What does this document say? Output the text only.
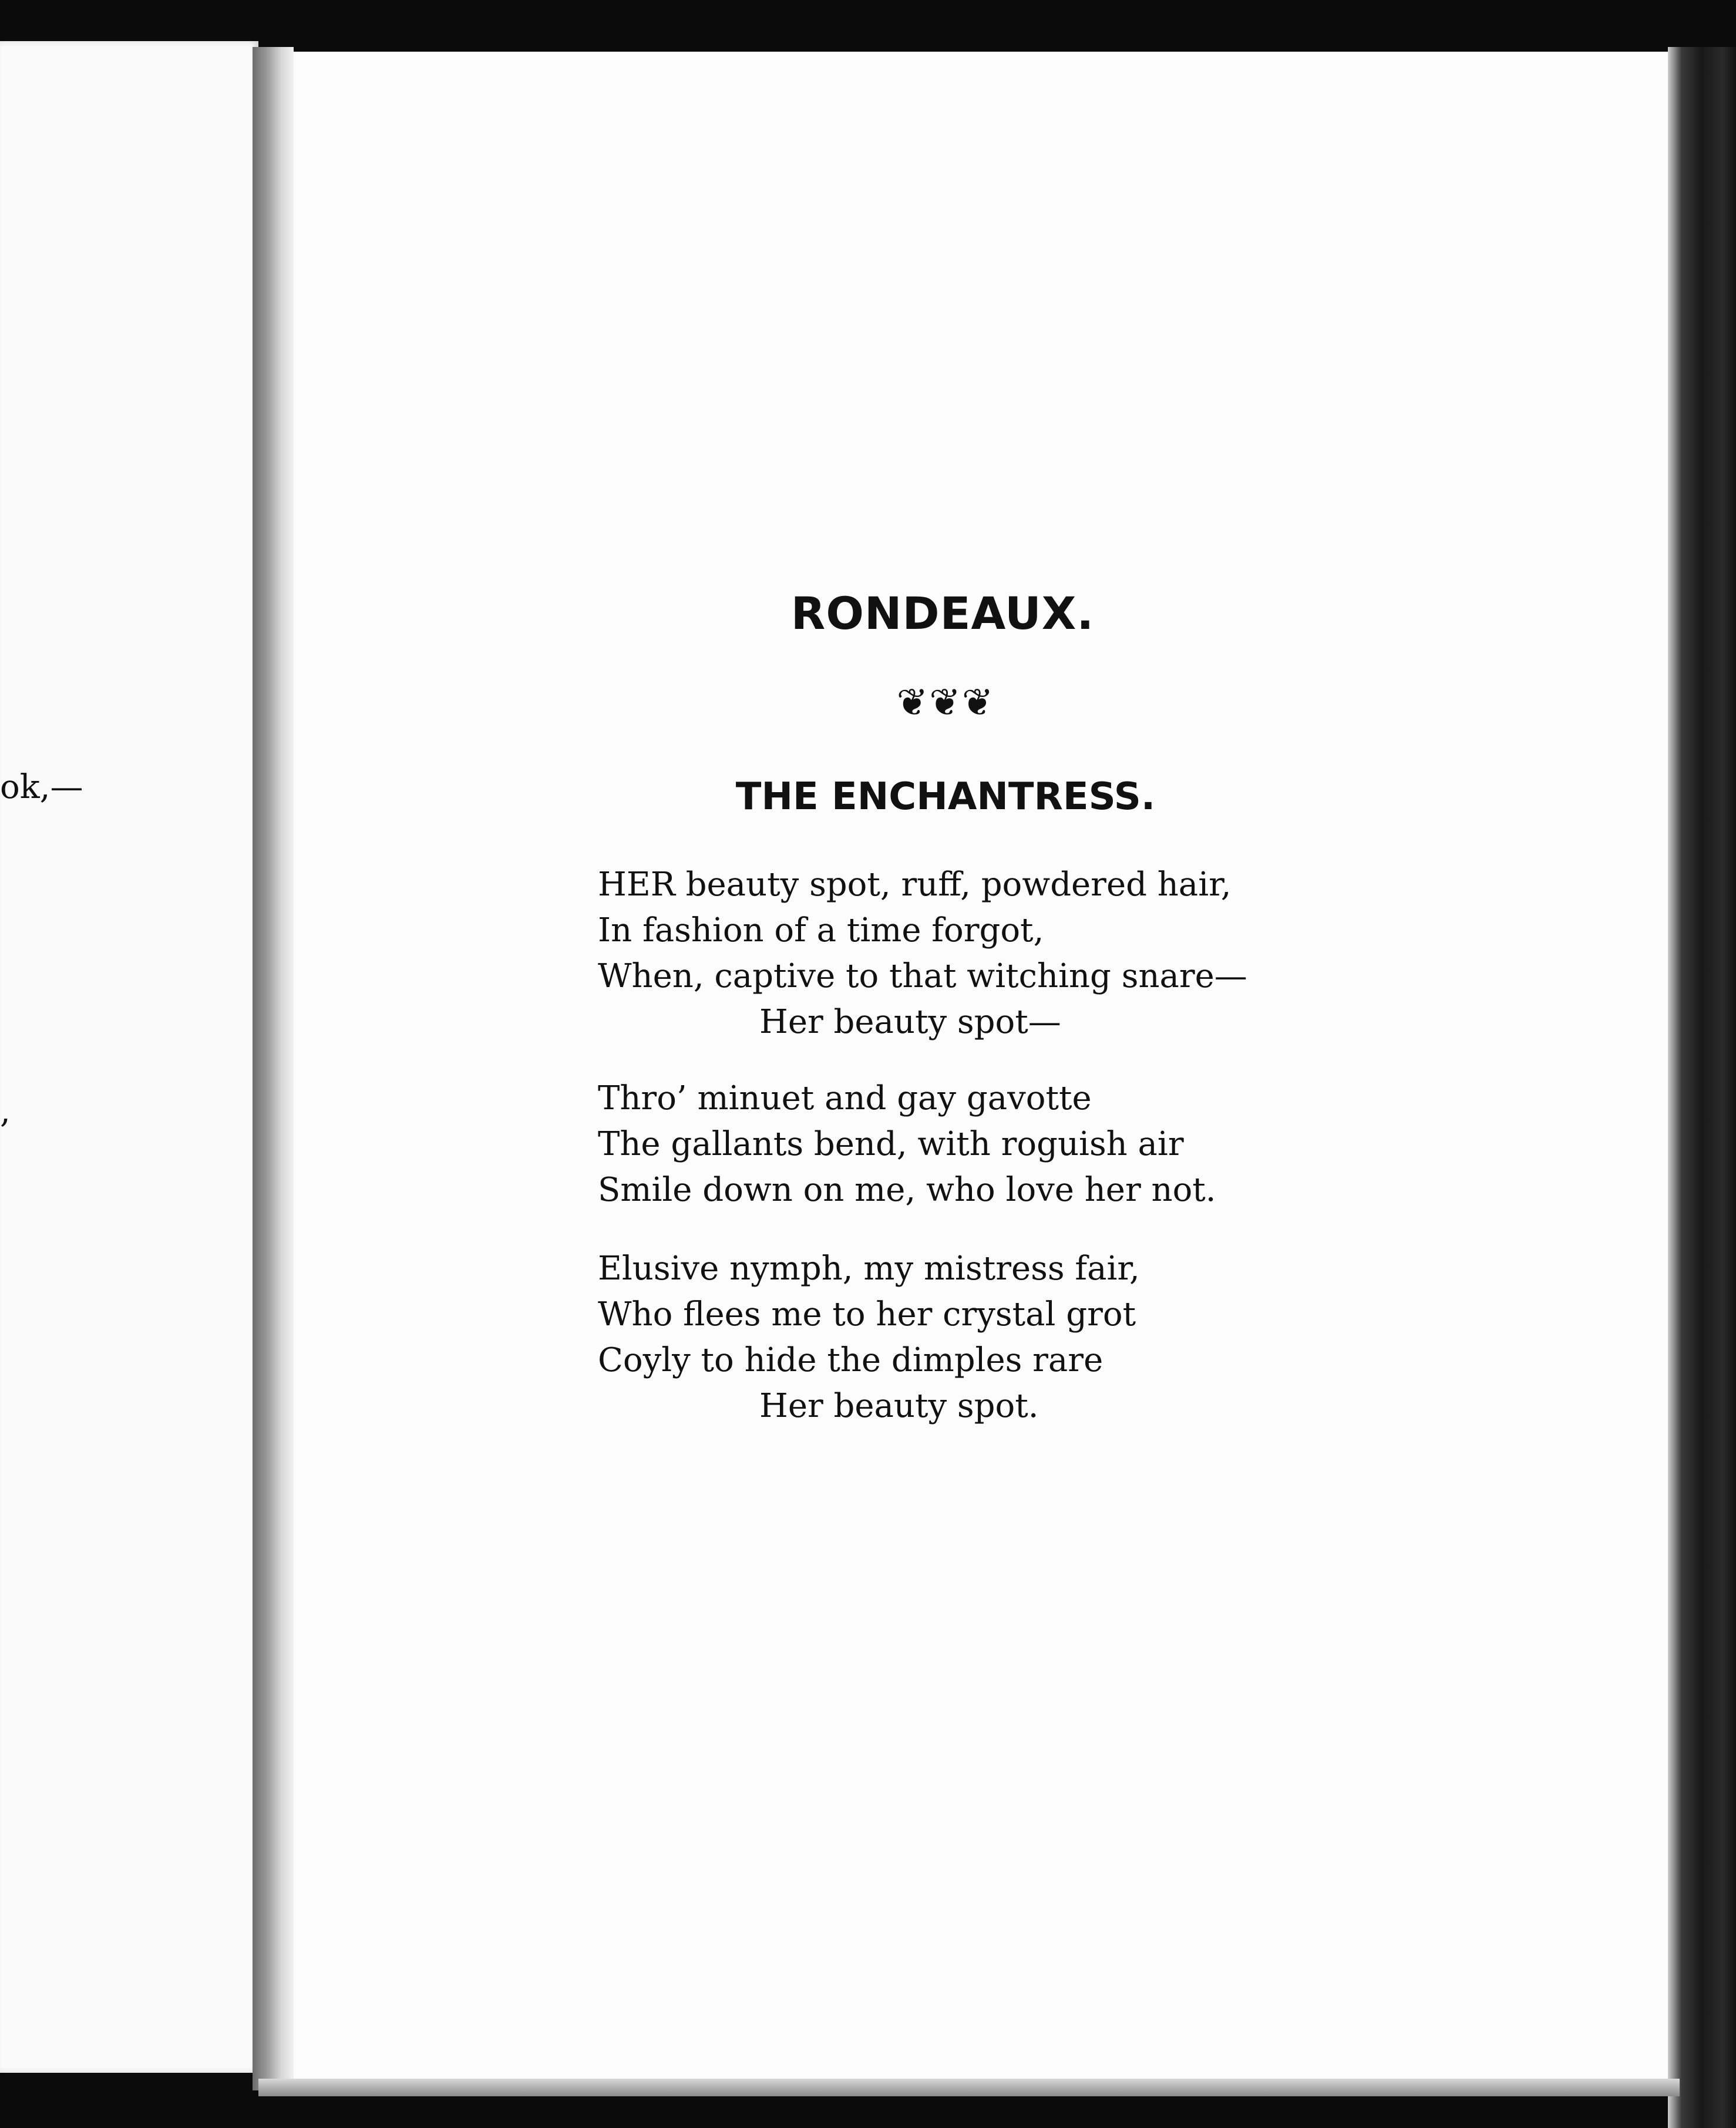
ok,—
,
RONDEAUX.
❦❦❦
THE ENCHANTRESS.
HER beauty spot, ruff, powdered hair,
In fashion of a time forgot,
When, captive to that witching snare—
Her beauty spot—
Thro’ minuet and gay gavotte
The gallants bend, with roguish air
Smile down on me, who love her not.
Elusive nymph, my mistress fair,
Who flees me to her crystal grot
Coyly to hide the dimples rare
Her beauty spot.
